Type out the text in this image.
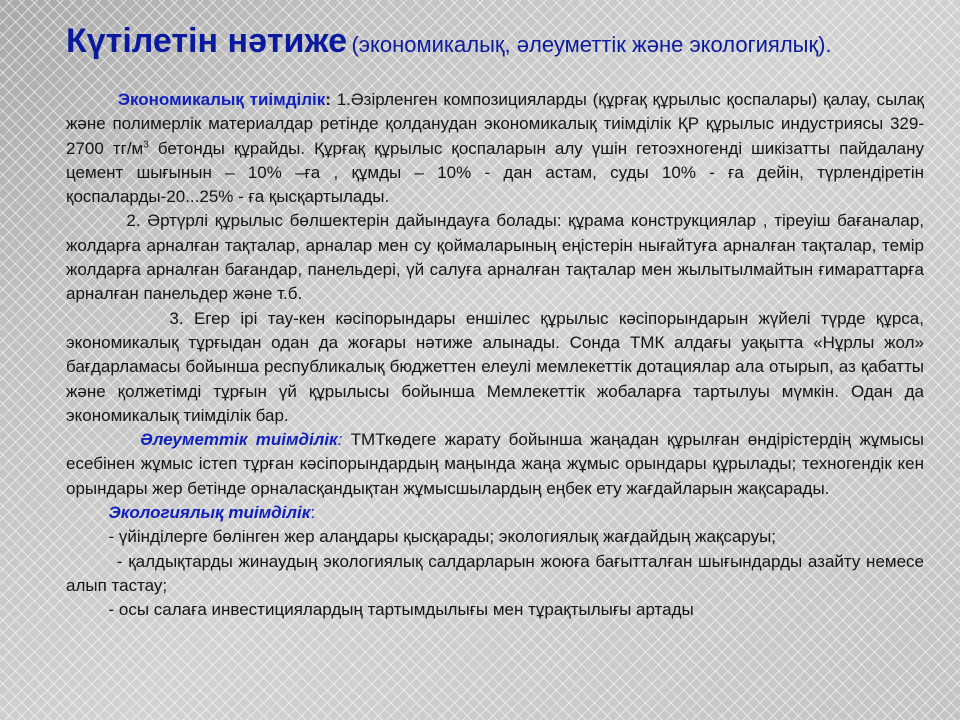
Күтілетін нәтиже (экономикалық, әлеуметтік және экологиялық).
Экономикалық тиімділік: 1.Әзірленген композицияларды (құрғақ құрылыс қоспалары) қалау, сылақ және полимерлік материалдар ретінде қолданудан экономикалық тиімділік ҚР құрылыс индустриясы 329-2700 $тг/м^3$ бетонды құрайды. Құрғақ құрылыс қоспаларын алу үшін гетоэхногенді шикізатты пайдалану цемент шығынын – 10% –ға , құмды – 10% - дан астам, суды 10% - ға дейін, түрлендіретін қоспаларды-20...25% - ға қысқартылады.
2. Әртүрлі құрылыс бөлшектерін дайындауға болады: құрама конструкциялар , тіреуіш бағаналар, жолдарға арналған тақталар, арналар мен су қоймаларының еңістерін нығайтуға арналған тақталар, темір жолдарға арналған бағандар, панельдері, үй салуға арналған тақталар мен жылытылмайтын ғимараттарға арналған панельдер және т.б.
3. Егер ірі тау-кен кәсіпорындары еншілес құрылыс кәсіпорындарын жүйелі түрде құрса, экономикалық тұрғыдан одан да жоғары нәтиже алынады. Сонда ТМК алдағы уақытта «Нұрлы жол» бағдарламасы бойынша республикалық бюджеттен елеулі мемлекеттік дотациялар ала отырып, аз қабатты және қолжетімді тұрғын үй құрылысы бойынша Мемлекеттік жобаларға тартылуы мүмкін. Одан да экономикалық тиімділік бар.
Әлеуметтік тиімділік: ТМТкөдеге жарату бойынша жаңадан құрылған өндірістердің жұмысы есебінен жұмыс істеп тұрған кәсіпорындардың маңында жаңа жұмыс орындары құрылады; техногендік кен орындары жер бетінде орналасқандықтан жұмысшылардың еңбек ету жағдайларын жақсарады.
Экологиялық тиімділік:
- үйінділерге бөлінген жер алаңдары қысқарады; экологиялық жағдайдың жақсаруы;
- қалдықтарды жинаудың экологиялық салдарларын жоюға бағытталған шығындарды азайту немесе алып тастау;
- осы салаға инвестициялардың тартымдылығы мен тұрақтылығы артады
